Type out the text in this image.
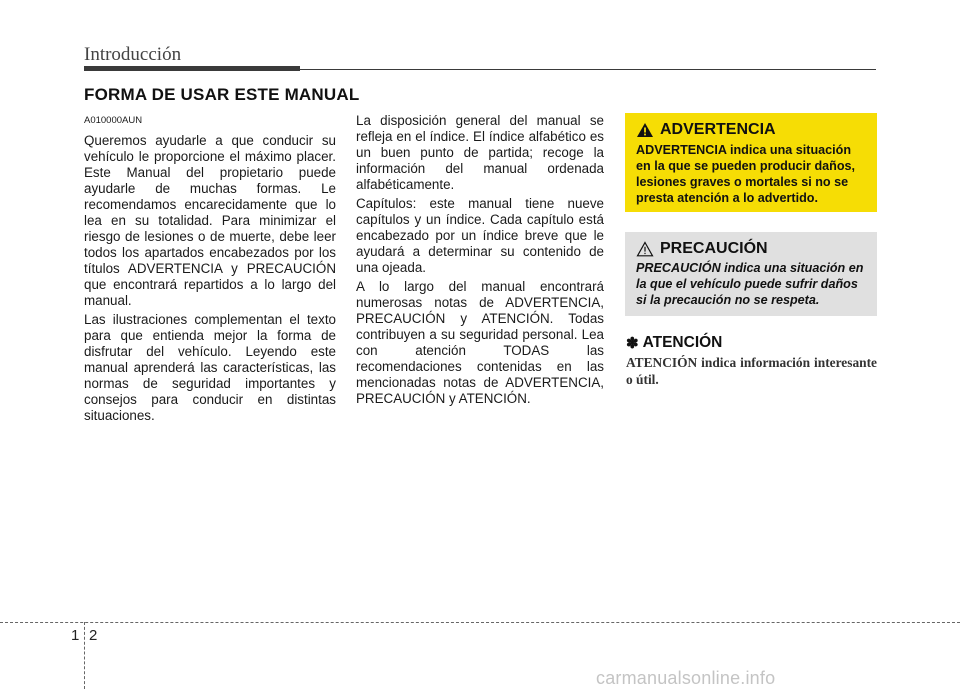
Introducción
FORMA DE USAR ESTE MANUAL

A010000AUN

Queremos ayudarle a que conducir su vehículo le proporcione el máximo placer. Este Manual del propietario puede ayudarle de muchas formas. Le recomendamos encarecidamente que lo lea en su totalidad. Para minimizar el riesgo de lesiones o de muerte, debe leer todos los apartados encabezados por los títulos ADVERTENCIA y PRECAUCIÓN que encontrará repartidos a lo largo del manual.

Las ilustraciones complementan el texto para que entienda mejor la forma de disfrutar del vehículo. Leyendo este manual aprenderá las características, las normas de seguridad importantes y consejos para conducir en distintas situaciones.

La disposición general del manual se refleja en el índice. El índice alfabético es un buen punto de partida; recoge la información del manual ordenada alfabéticamente.

Capítulos: este manual tiene nueve capítulos y un índice. Cada capítulo está encabezado por un índice breve que le ayudará a determinar su contenido de una ojeada.

A lo largo del manual encontrará numerosas notas de ADVERTENCIA, PRECAUCIÓN y ATENCIÓN. Todas contribuyen a su seguridad personal. Lea con atención TODAS las recomendaciones contenidas en las mencionadas notas de ADVERTENCIA, PRECAUCIÓN y ATENCIÓN.

ADVERTENCIA
ADVERTENCIA indica una situación en la que se pueden producir daños, lesiones graves o mortales si no se presta atención a lo advertido.
PRECAUCIÓN
PRECAUCIÓN indica una situación en la que el vehículo puede sufrir daños si la precaución no se respeta.
✽ ATENCIÓN
ATENCIÓN indica información interesante o útil.
1 2
carmanualsonline.info
